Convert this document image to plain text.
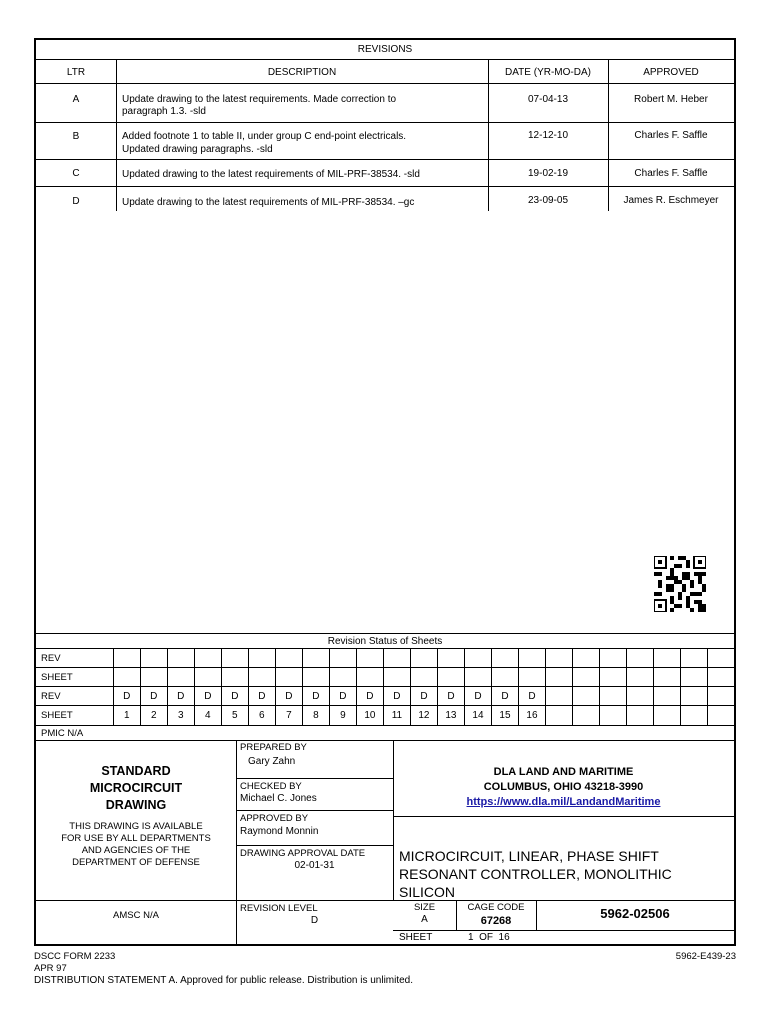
REVISIONS
LTR	DESCRIPTION	DATE (YR-MO-DA)	APPROVED
A	Update drawing to the latest requirements. Made correction to
paragraph 1.3. -sld
07-04-13	Robert M. Heber
B	Added footnote 1 to table II, under group C end-point electricals.
Updated drawing paragraphs. -sld
12-12-10	Charles F. Saffle
C	Updated drawing to the latest requirements of MIL-PRF-38534. -sld	19-02-19	Charles F. Saffle
D	Update drawing to the latest requirements of MIL-PRF-38534. –gc	23-09-05	James R. Eschmeyer
Revision Status of Sheets
REV
SHEET
REV	D	D	D	D	D	D	D	D	D	D	D	D	D	D	D	D
SHEET	1	2	3	4	5	6	7	8	9	10	11	12	13	14	15	16
PMIC N/A
STANDARD
MICROCIRCUIT
DRAWING
THIS DRAWING IS AVAILABLE
FOR USE BY ALL DEPARTMENTS
AND AGENCIES OF THE
DEPARTMENT OF DEFENSE
AMSC N/A
PREPARED BY
Gary Zahn
CHECKED BY
Michael C. Jones
APPROVED BY
Raymond Monnin
DRAWING APPROVAL DATE
02-01-31
REVISION LEVEL
D
DLA LAND AND MARITIME
COLUMBUS, OHIO 43218-3990
https://www.dla.mil/LandandMaritime
MICROCIRCUIT, LINEAR, PHASE SHIFT
RESONANT CONTROLLER, MONOLITHIC
SILICON
SIZE
A
CAGE CODE
67268	5962-02506
SHEET	1  OF  16
DSCC FORM 2233
APR 97
5962-E439-23
DISTRIBUTION STATEMENT A. Approved for public release. Distribution is unlimited.
